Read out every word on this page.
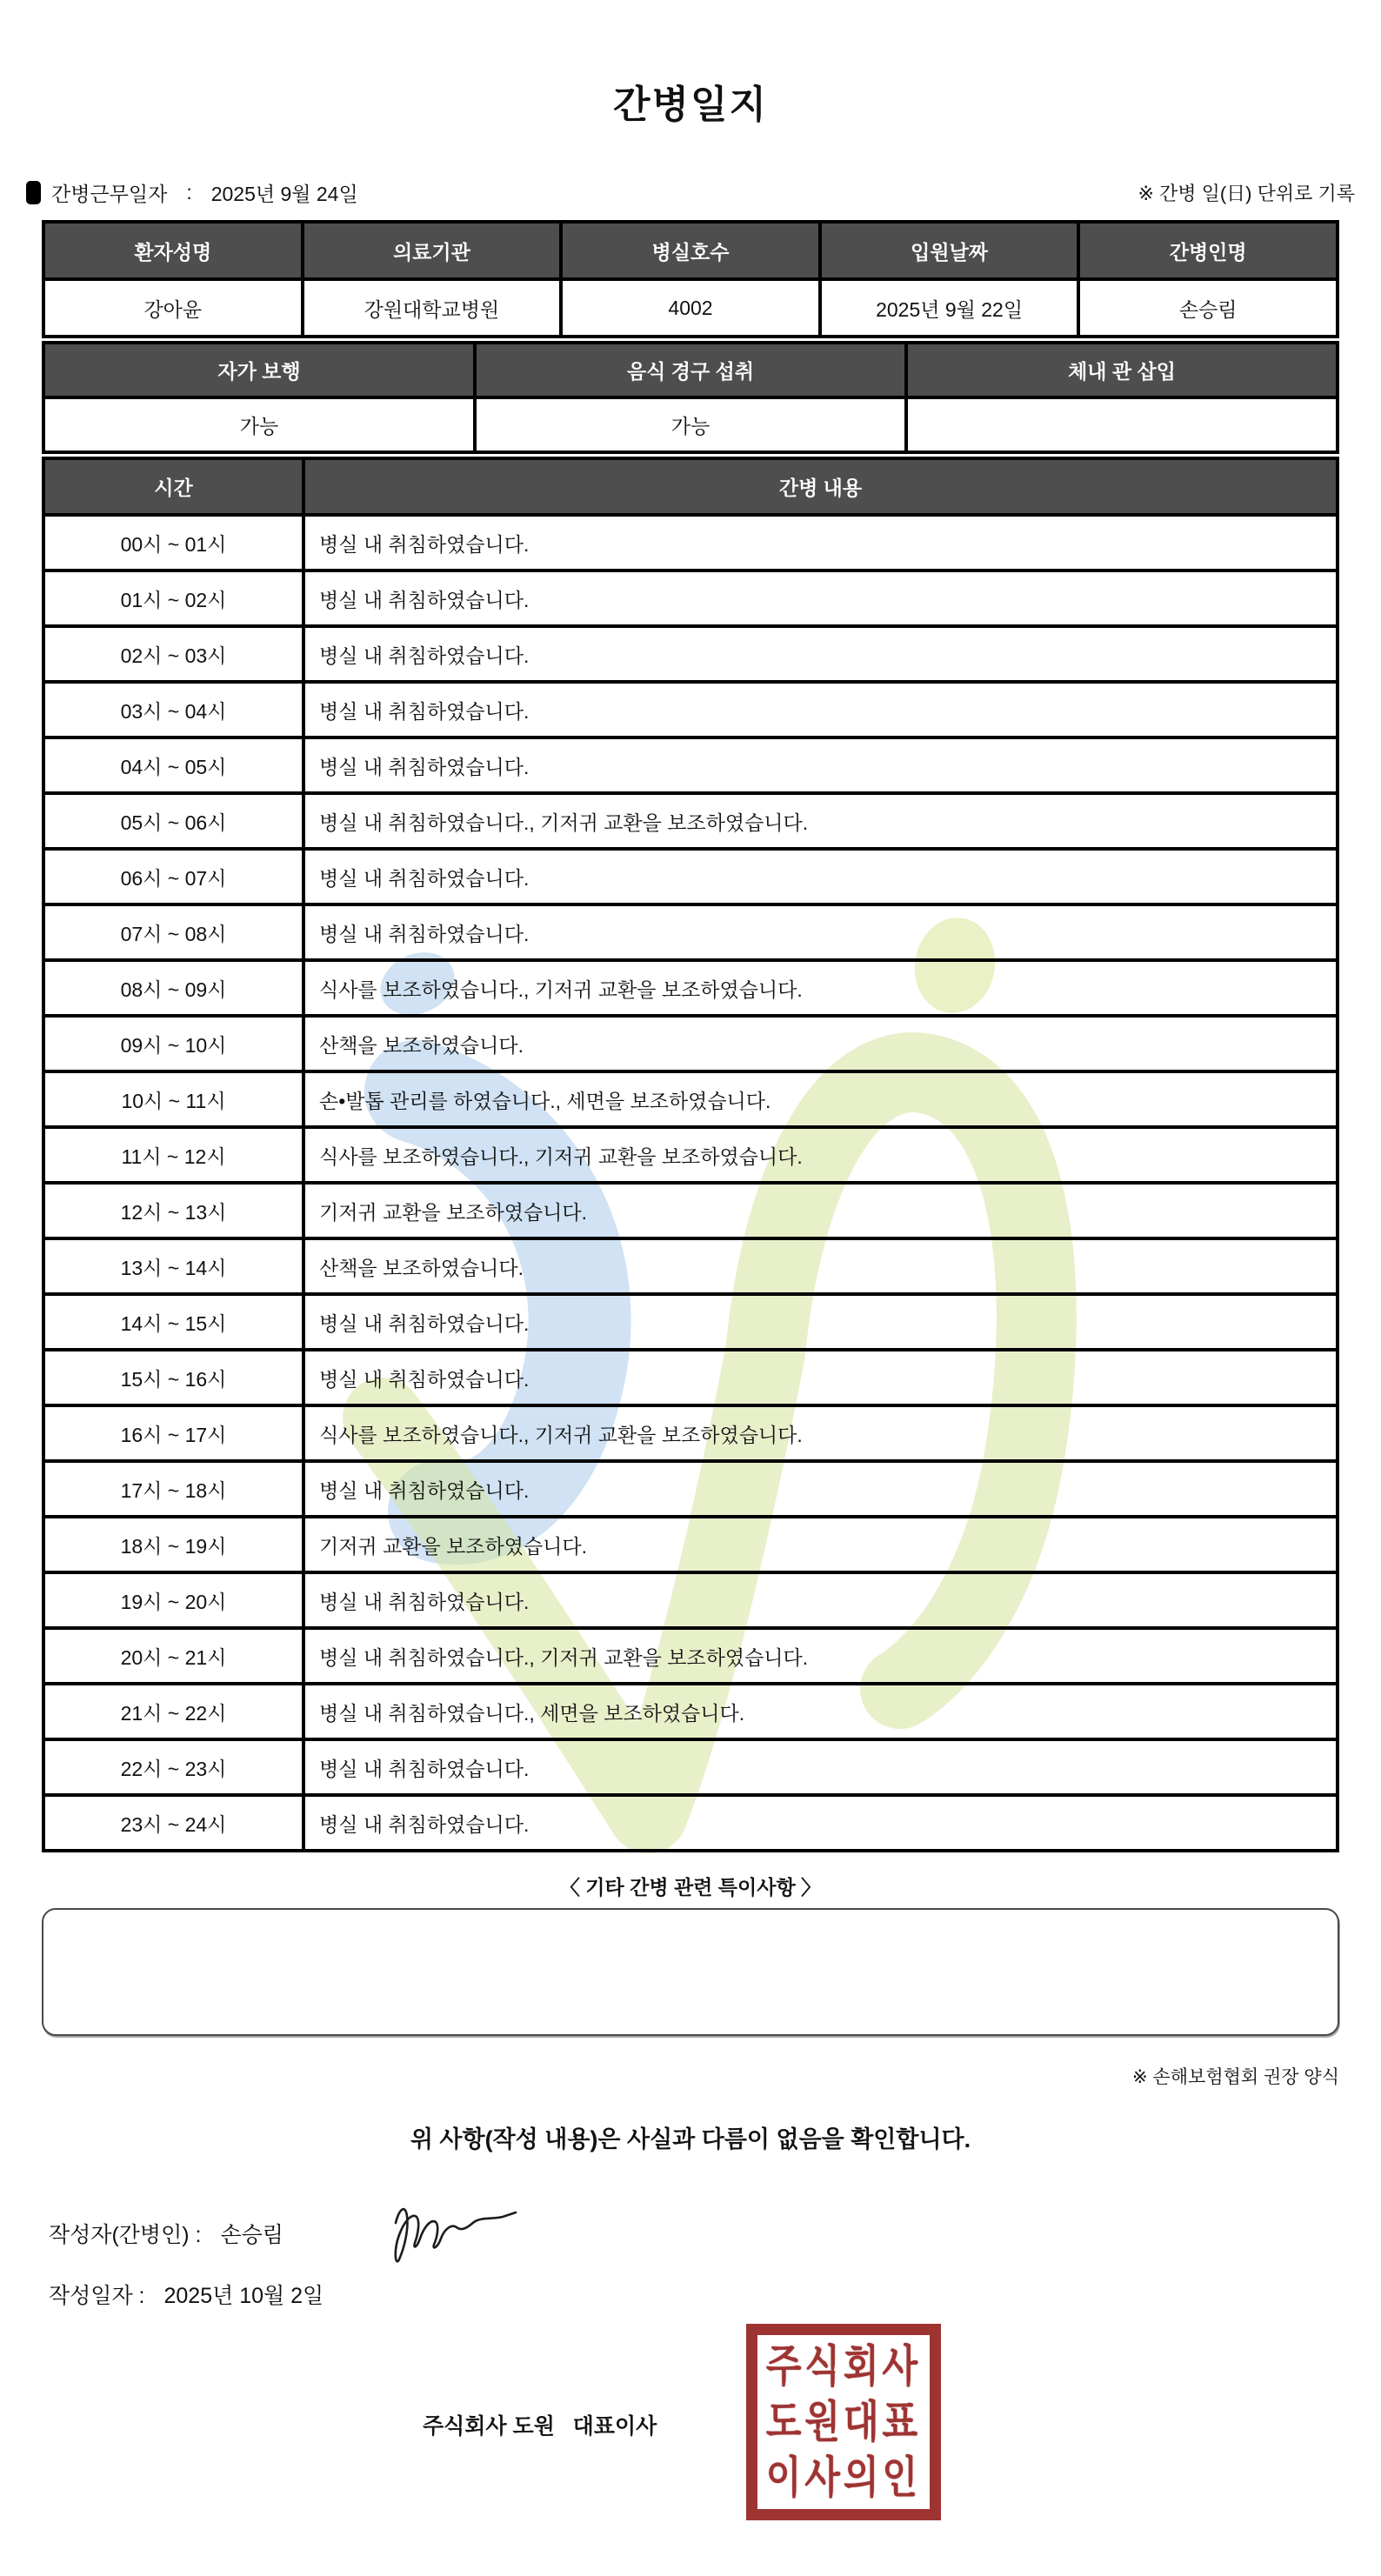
간병일지
간병근무일자 : 2025년 9월 24일	※ 간병 일(日) 단위로 기록
환자성명	의료기관	병실호수	입원날짜	간병인명
강아윤	강원대학교병원	4002	2025년 9월 22일	손승림
자가 보행	음식 경구 섭취	체내 관 삽입
가능	가능
시간	간병 내용
00시 ~ 01시	병실 내 취침하였습니다.
01시 ~ 02시	병실 내 취침하였습니다.
02시 ~ 03시	병실 내 취침하였습니다.
03시 ~ 04시	병실 내 취침하였습니다.
04시 ~ 05시	병실 내 취침하였습니다.
05시 ~ 06시	병실 내 취침하였습니다., 기저귀 교환을 보조하였습니다.
06시 ~ 07시	병실 내 취침하였습니다.
07시 ~ 08시	병실 내 취침하였습니다.
08시 ~ 09시	식사를 보조하였습니다., 기저귀 교환을 보조하였습니다.
09시 ~ 10시	산책을 보조하였습니다.
10시 ~ 11시	손•발톱 관리를 하였습니다., 세면을 보조하였습니다.
11시 ~ 12시	식사를 보조하였습니다., 기저귀 교환을 보조하였습니다.
12시 ~ 13시	기저귀 교환을 보조하였습니다.
13시 ~ 14시	산책을 보조하였습니다.
14시 ~ 15시	병실 내 취침하였습니다.
15시 ~ 16시	병실 내 취침하였습니다.
16시 ~ 17시	식사를 보조하였습니다., 기저귀 교환을 보조하였습니다.
17시 ~ 18시	병실 내 취침하였습니다.
18시 ~ 19시	기저귀 교환을 보조하였습니다.
19시 ~ 20시	병실 내 취침하였습니다.
20시 ~ 21시	병실 내 취침하였습니다., 기저귀 교환을 보조하였습니다.
21시 ~ 22시	병실 내 취침하였습니다., 세면을 보조하였습니다.
22시 ~ 23시	병실 내 취침하였습니다.
23시 ~ 24시	병실 내 취침하였습니다.
〈 기타 간병 관련 특이사항 〉
※ 손해보험협회 권장 양식
위 사항(작성 내용)은 사실과 다름이 없음을 확인합니다.
작성자(간병인) : 손승림
작성일자 : 2025년 10월 2일
주식회사 도원   대표이사
주식회사
도원대표
이사의인
